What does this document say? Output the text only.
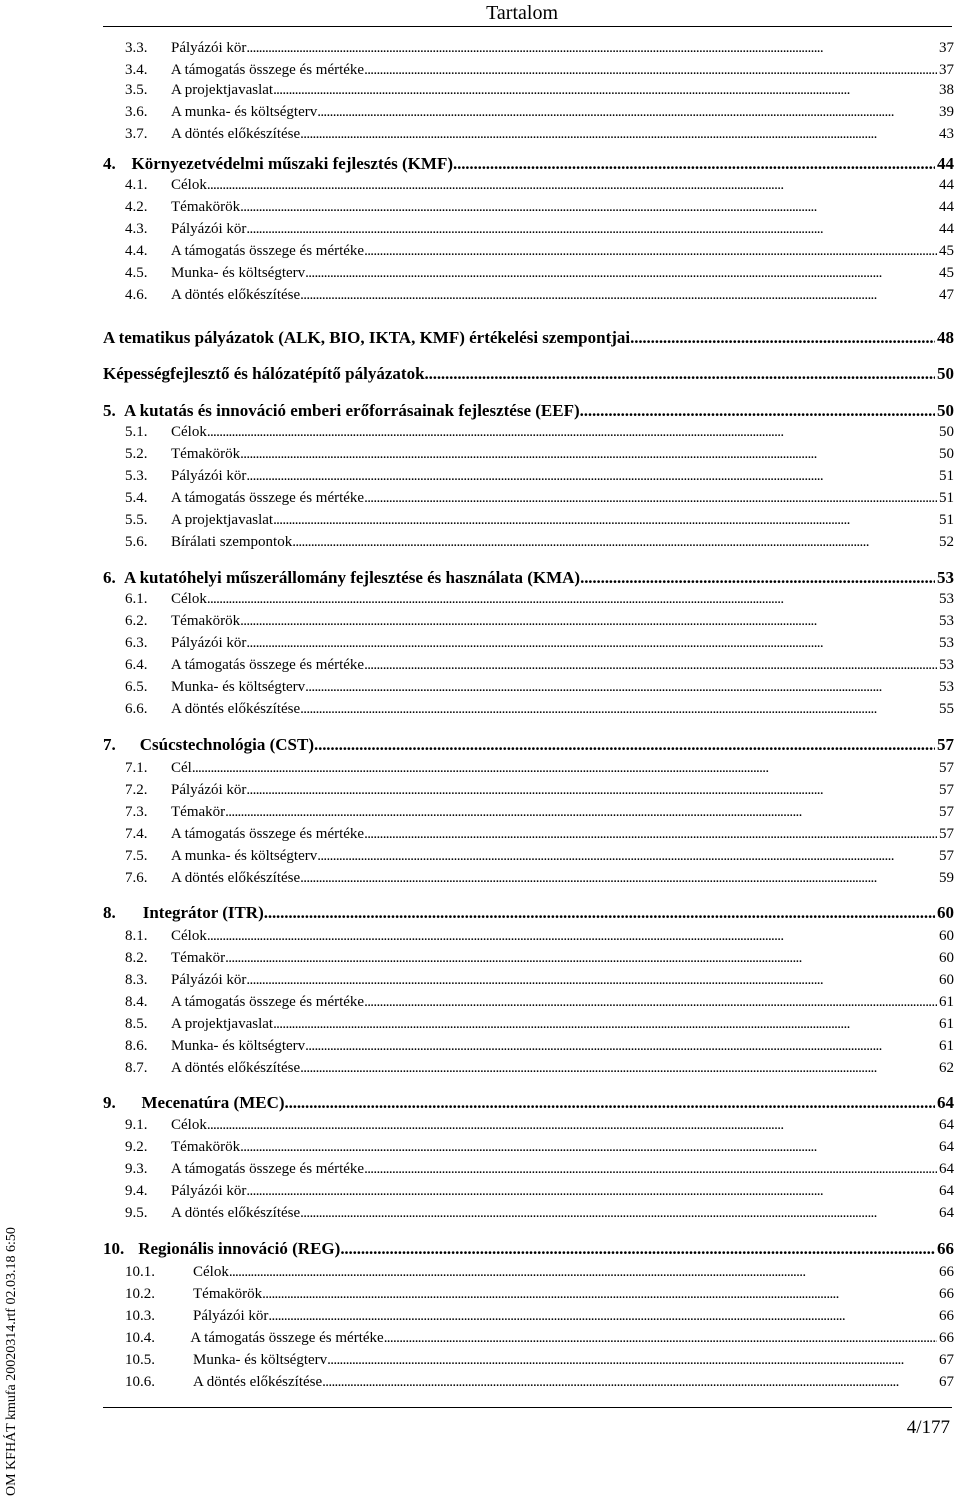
Tartalom
3.3.	Pályázói kör . . .	37
3.4.	A támogatás összege és mértéke . . .	37
3.5.	A projektjavaslat . . .	38
3.6.	A munka- és költségterv . . .	39
3.7.	A döntés előkészítése . . .	43
4. Környezetvédelmi műszaki fejlesztés (KMF) . . .	44
4.1.	Célok . . .	44
4.2.	Témakörök . . .	44
4.3.	Pályázói kör . . .	44
4.4.	A támogatás összege és mértéke . . .	45
4.5.	Munka- és költségterv . . .	45
4.6.	A döntés előkészítése . . .	47
A tematikus pályázatok (ALK, BIO, IKTA, KMF) értékelési szempontjai . . .	48
Képességfejlesztő és hálózatépítő pályázatok . . .	50
5. A kutatás és innováció emberi erőforrásainak fejlesztése (EEF) . . .	50
5.1.	Célok . . .	50
5.2.	Témakörök . . .	50
5.3.	Pályázói kör . . .	51
5.4.	A támogatás összege és mértéke . . .	51
5.5.	A projektjavaslat . . .	51
5.6.	Bírálati szempontok . . .	52
6. A kutatóhelyi műszerállomány fejlesztése és használata (KMA) . . .	53
6.1.	Célok . . .	53
6.2.	Témakörök . . .	53
6.3.	Pályázói kör . . .	53
6.4.	A támogatás összege és mértéke . . .	53
6.5.	Munka- és költségterv . . .	53
6.6.	A döntés előkészítése . . .	55
7.	Csúcstechnológia (CST) . . .	57
7.1.	Cél . . .	57
7.2.	Pályázói kör . . .	57
7.3.	Témakör . . .	57
7.4.	A támogatás összege és mértéke . . .	57
7.5.	A munka- és költségterv . . .	57
7.6.	A döntés előkészítése . . .	59
8.	Integrátor (ITR) . . .	60
8.1.	Célok . . .	60
8.2.	Témakör . . .	60
8.3.	Pályázói kör . . .	60
8.4.	A támogatás összege és mértéke . . .	61
8.5.	A projektjavaslat . . .	61
8.6.	Munka- és költségterv . . .	61
8.7.	A döntés előkészítése . . .	62
9.	Mecenatúra (MEC) . . .	64
9.1.	Célok . . .	64
9.2.	Témakörök . . .	64
9.3.	A támogatás összege és mértéke . . .	64
9.4.	Pályázói kör . . .	64
9.5.	A döntés előkészítése . . .	64
10. Regionális innováció (REG) . . .	66
10.1.	Célok . . .	66
10.2.	Témakörök . . .	66
10.3.	Pályázói kör . . .	66
10.4.	A támogatás összege és mértéke . . .	66
10.5.	Munka- és költségterv . . .	67
10.6.	A döntés előkészítése . . .	67
OM KFHÁT kmufa 20020314.rtf 02.03.18 6:50	4/177
